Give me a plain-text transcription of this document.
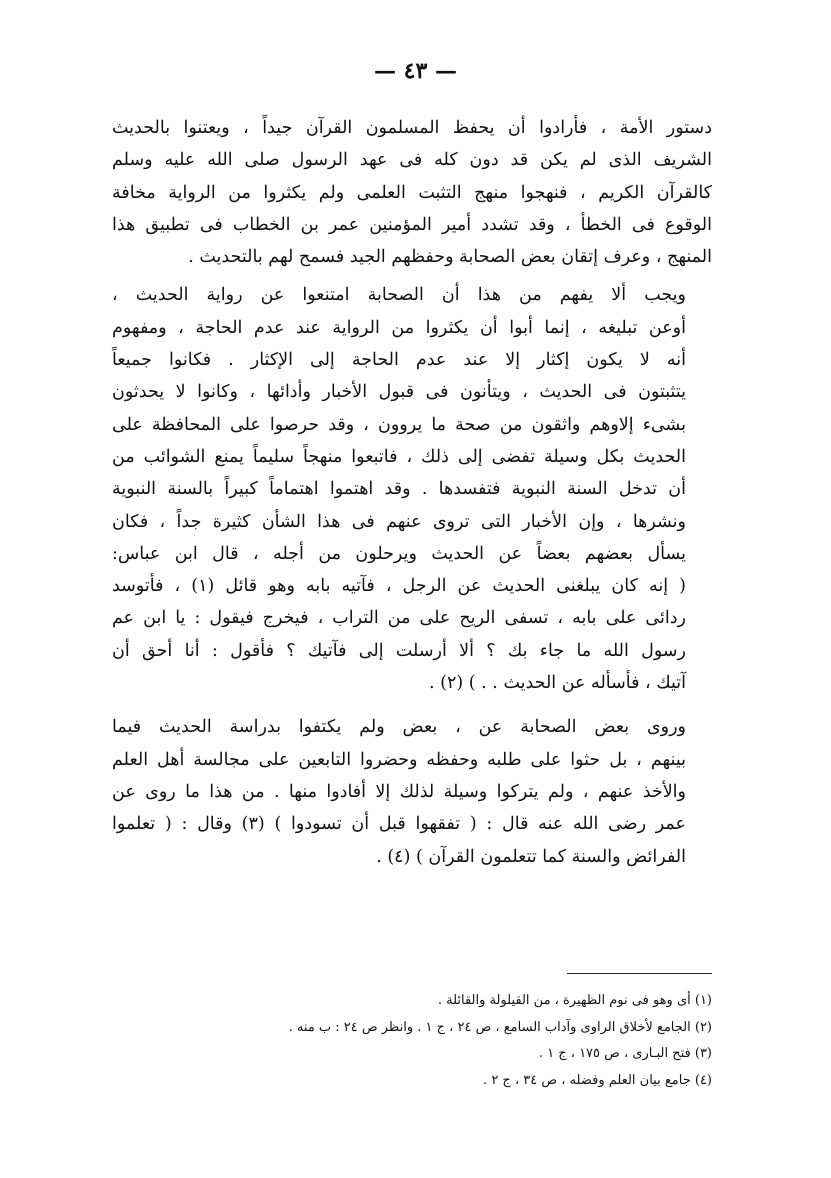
— ٤٣ —

دستور الأمة ، فأرادوا أن يحفظ المسلمون القرآن جيداً ، ويعتنوا بالحديث
الشريف الذى لم يكن قد دون كله فى عهد الرسول صلى الله عليه وسلم
كالقرآن الكريم ، فنهجوا منهج التثبت العلمى ولم يكثروا من الرواية مخافة
الوقوع فى الخطأ ، وقد تشدد أمير المؤمنين عمر بن الخطاب فى تطبيق هذا
المنهج ، وعرف إتقان بعض الصحابة وحفظهم الجيد فسمح لهم بالتحديث .

ويجب ألا يفهم من هذا أن الصحابة امتنعوا عن رواية الحديث ،
أوعن تبليغه ، إنما أبوا أن يكثروا من الرواية عند عدم الحاجة ، ومفهوم
أنه لا يكون إكثار إلا عند عدم الحاجة إلى الإكثار . فكانوا جميعاً
يتثبتون فى الحديث ، ويتأنون فى قبول الأخبار وأدائها ، وكانوا لا يحدثون
بشىء إلاوهم واثقون من صحة ما يروون ، وقد حرصوا على المحافظة على
الحديث بكل وسيلة تفضى إلى ذلك ، فاتبعوا منهجاً سليماً يمنع الشوائب من
أن تدخل السنة النبوية فتفسدها . وقد اهتموا اهتماماً كبيراً بالسنة النبوية
ونشرها ، وإن الأخبار التى تروى عنهم فى هذا الشأن كثيرة جداً ، فكان
يسأل بعضهم بعضاً عن الحديث ويرحلون من أجله ، قال ابن عباس:
( إنه كان يبلغنى الحديث عن الرجل ، فآتيه بابه وهو قائل (١) ، فأتوسد
ردائى على بابه ، تسفى الريح على من التراب ، فيخرج فيقول : يا ابن عم
رسول الله ما جاء بك ؟ ألا أرسلت إلى فآتيك ؟ فأقول : أنا أحق أن
آتيك ، فأسأله عن الحديث . . ) (٢) .

وروى بعض الصحابة عن ، بعض ولم يكتفوا بدراسة الحديث فيما
بينهم ، بل حثوا على طلبه وحفظه وحضروا التابعين على مجالسة أهل العلم
والأخذ عنهم ، ولم يتركوا وسيلة لذلك إلا أفادوا منها . من هذا ما روى عن
عمر رضى الله عنه قال : ( تفقهوا قبل أن تسودوا ) (٣) وقال : ( تعلموا
الفرائض والسنة كما تتعلمون القرآن ) (٤) .

(١) أى وهو فى نوم الظهيرة ، من القيلولة والقائلة .
(٢) الجامع لأخلاق الراوى وآداب السامع ، ص ٢٤ ، ج ١ . وانظر ص ٢٤ : ب منه .
(٣) فتح البـارى ، ص ١٧٥ ، ج ١ .
(٤) جامع بيان العلم وفضله ، ص ٣٤ ، ج ٢ .
